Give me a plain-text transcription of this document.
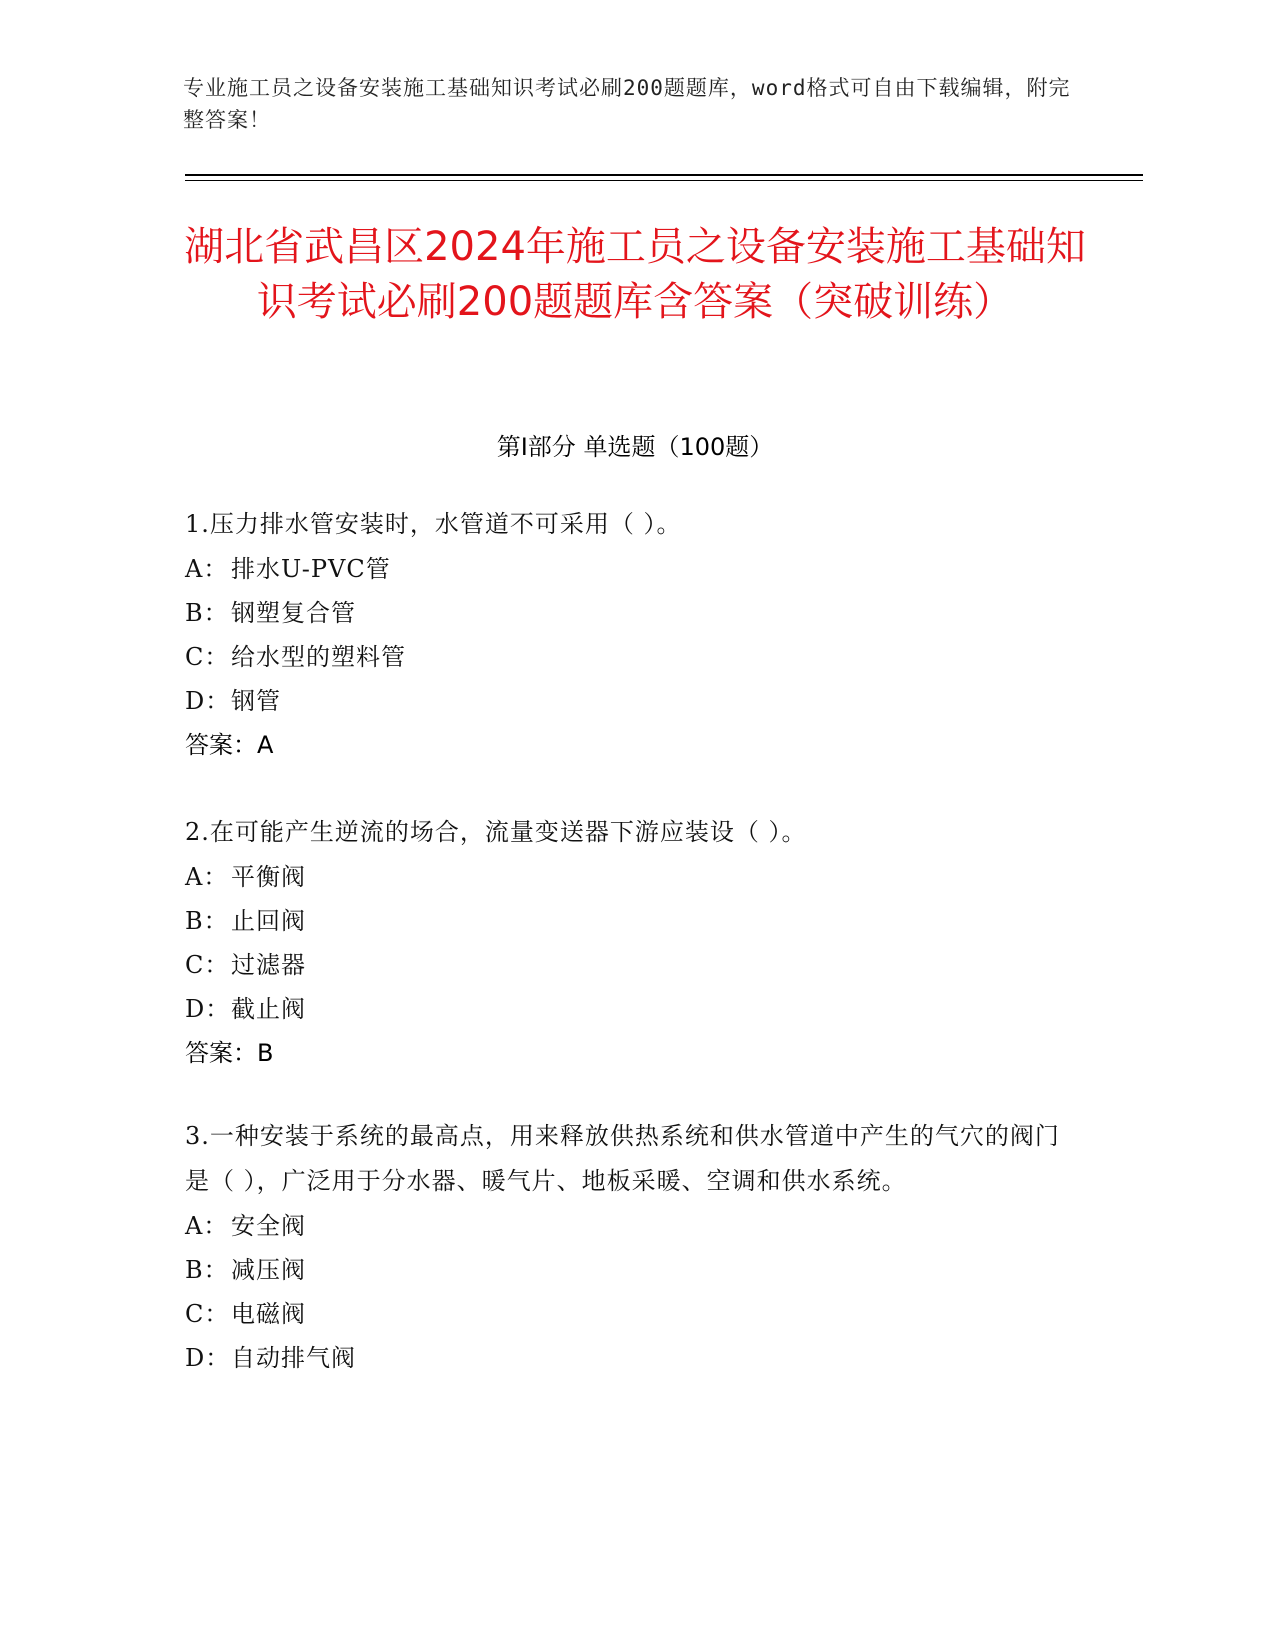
专业施工员之设备安装施工基础知识考试必刷200题题库，word格式可自由下载编辑，附完整答案！
湖北省武昌区2024年施工员之设备安装施工基础知识考试必刷200题题库含答案（突破训练）
第Ⅰ部分 单选题（100题）

1.压力排水管安装时，水管道不可采用（ ）。

A： 排水U-PVC管
B： 钢塑复合管
C： 给水型的塑料管
D： 钢管
答案：A

2.在可能产生逆流的场合，流量变送器下游应装设（ ）。

A： 平衡阀
B： 止回阀
C： 过滤器
D： 截止阀
答案：B

3.一种安装于系统的最高点，用来释放供热系统和供水管道中产生的气穴的阀门是（ ），广泛用于分水器、暖气片、地板采暖、空调和供水系统。

A： 安全阀
B： 减压阀
C： 电磁阀
D： 自动排气阀
